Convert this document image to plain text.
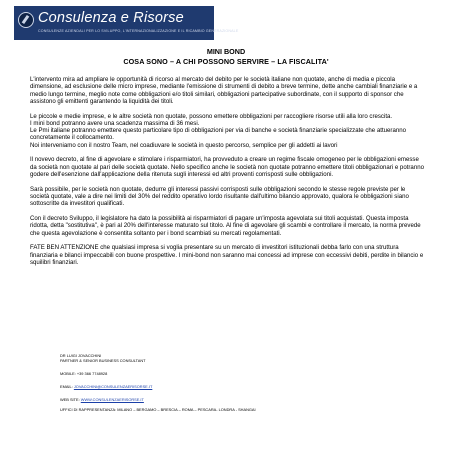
Consulenza e Risorse
CONSULENZE AZIENDALI PER LO SVILUPPO, L'INTERNAZIONALIZZAZIONE E IL RICAMBIO GENERAZIONALE
MINI BOND
COSA SONO – A CHI POSSONO SERVIRE – LA FISCALITA'

L'intervento mira ad ampliare le opportunità di ricorso al mercato del debito per le società italiane non quotate, anche di media e piccola dimensione, ad esclusione delle micro imprese, mediante l'emissione di strumenti di debito a breve termine, dette anche cambiali finanziarie e a medio lungo termine, meglio note come obbligazioni e/o titoli similari, obbligazioni partecipative subordinate, con il supporto di sponsor che assistono gli emittenti garantendo la liquidità dei titoli.

Le piccole e medie imprese, e le altre società non quotate, possono emettere obbligazioni per raccogliere risorse utili alla loro crescita.

I mini bond potranno avere una scadenza massima di 36 mesi.

Le Pmi italiane potranno emettere questo particolare tipo di obbligazioni per via di banche e società finanziarie specializzate che attueranno concretamente il collocamento.

Noi interveniamo con il nostro Team, nel coadiuvare le società in questo percorso, semplice per gli addetti ai lavori

Il novevo decreto, al fine di agevolare e stimolare i risparmiatori, ha provveduto a creare un regime fiscale omogeneo per le obbligazioni emesse da società non quotate al pari delle società quotate. Nello specifico anche le società non quotate potranno emettere titoli obbligazionari e potranno godere dell'esenzione dall'applicazione della ritenuta sugli interessi ed altri proventi corrisposti sulle obbligazioni.

Sarà possibile, per le società non quotate, dedurre gli interessi passivi corrisposti sulle obbligazioni secondo le stesse regole previste per le società quotate, vale a dire nei limiti del 30% del reddito operativo lordo risultante dall'ultimo bilancio approvato, qualora le obbligazioni siano sottoscritte da investitori qualificati.

Con il decreto Sviluppo, il legislatore ha dato la possibilità ai risparmiatori di pagare un'imposta agevolata sui titoli acquistati. Questa imposta ridotta, detta "sostitutiva", è pari al 20% dell'interesse maturato sul titolo. Al fine di agevolare gli scambi e controllare il mercato, la norma prevede che questa agevolazione è consentita soltanto per i bond scambiati su mercati regolamentati.

FATE BEN ATTENZIONE che qualsiasi impresa si voglia presentare su un mercato di investitori istituzionali debba farlo con una struttura finanziaria e bilanci impeccabili con buone prospettive. I mini-bond non saranno mai concessi ad imprese con eccessivi debiti, perdite in bilancio e squilibri finanziari.

DR LUIGI JOVACCHINI
PARTNER & SENIOR BUSINESS CONSULTANT
MOBILE: +39 366 7748928
EMAIL: JOVACCHINI@CONSULENZAERISORSE.IT
WEB SITE: WWW.CONSULENZAERISORSE.IT
UFFICI DI RAPPRESENTANZA: MILANO – BERGAMO – BRESCIA – ROMA – PESCARA- LONDRA - SHANGAI
